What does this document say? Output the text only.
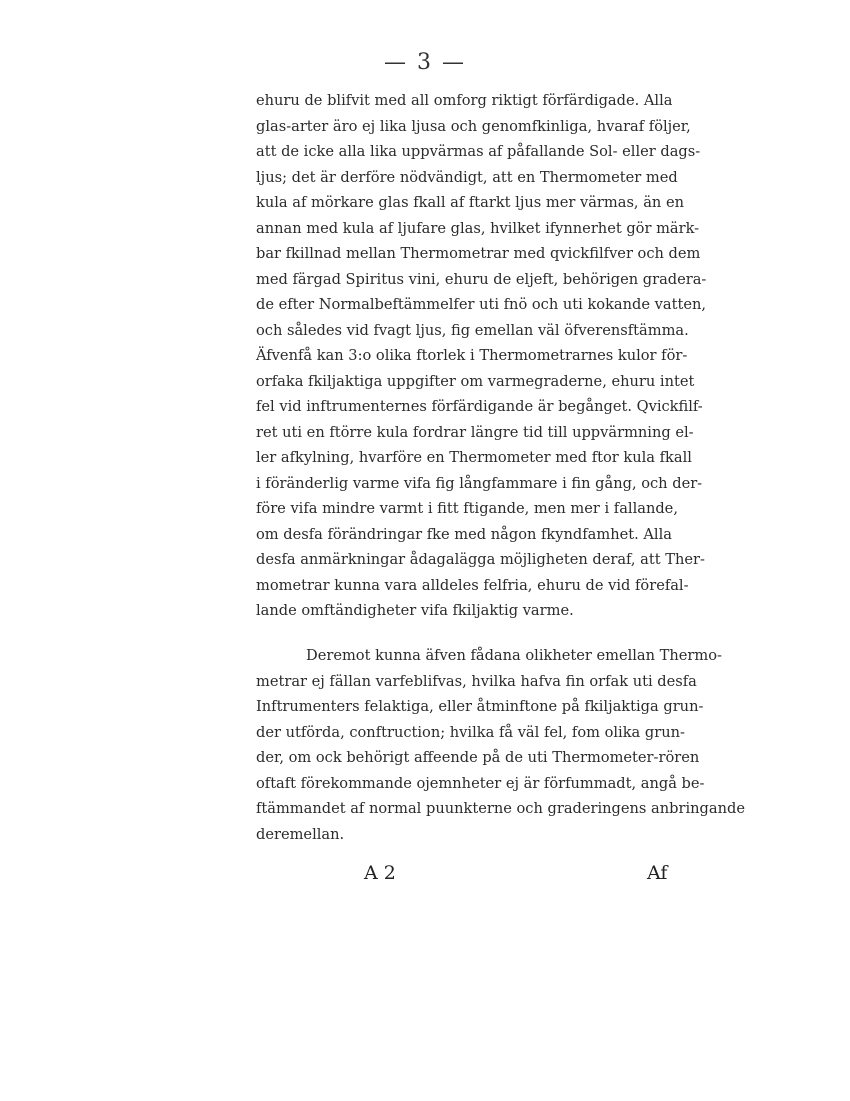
— 3 —
ehuru de blifvit med all omforg riktigt förfärdigade. Alla
glas-arter äro ej lika ljusa och genomfkinliga, hvaraf följer,
att de icke alla lika uppvärmas af påfallande Sol- eller dags-
ljus; det är derföre nödvändigt, att en Thermometer med
kula af mörkare glas fkall af ftarkt ljus mer värmas, än en
annan med kula af ljufare glas, hvilket ifynnerhet gör märk-
bar fkillnad mellan Thermometrar med qvickfilfver och dem
med färgad Spiritus vini, ehuru de eljeft, behörigen gradera-
de efter Normalbeftämmelfer uti fnö och uti kokande vatten,
och således vid fvagt ljus, fig emellan väl öfverensftämma.
Äfvenfå kan 3:o olika ftorlek i Thermometrarnes kulor för-
orfaka fkiljaktiga uppgifter om varmegraderne, ehuru intet
fel vid inftrumenternes förfärdigande är begånget. Qvickfilf-
ret uti en ftörre kula fordrar längre tid till uppvärmning el-
ler afkylning, hvarföre en Thermometer med ftor kula fkall
i föränderlig varme vifa fig långfammare i fin gång, och der-
före vifa mindre varmt i fitt ftigande, men mer i fallande,
om desfa förändringar fke med någon fkyndfamhet. Alla
desfa anmärkningar ådagalägga möjligheten deraf, att Ther-
mometrar kunna vara alldeles felfria, ehuru de vid förefal-
lande omftändigheter vifa fkiljaktig varme.
Deremot kunna äfven fådana olikheter emellan Thermo-
metrar ej fällan varfeblifvas, hvilka hafva fin orfak uti desfa
Inftrumenters felaktiga, eller åtminftone på fkiljaktiga grun-
der utförda, conftruction; hvilka få väl fel, fom olika grun-
der, om ock behörigt affeende på de uti Thermometer-rören
oftaft förekommande ojemnheter ej är förfummadt, angå be-
ftämmandet af normal puunkterne och graderingens anbringande
deremellan.
A 2	Af
